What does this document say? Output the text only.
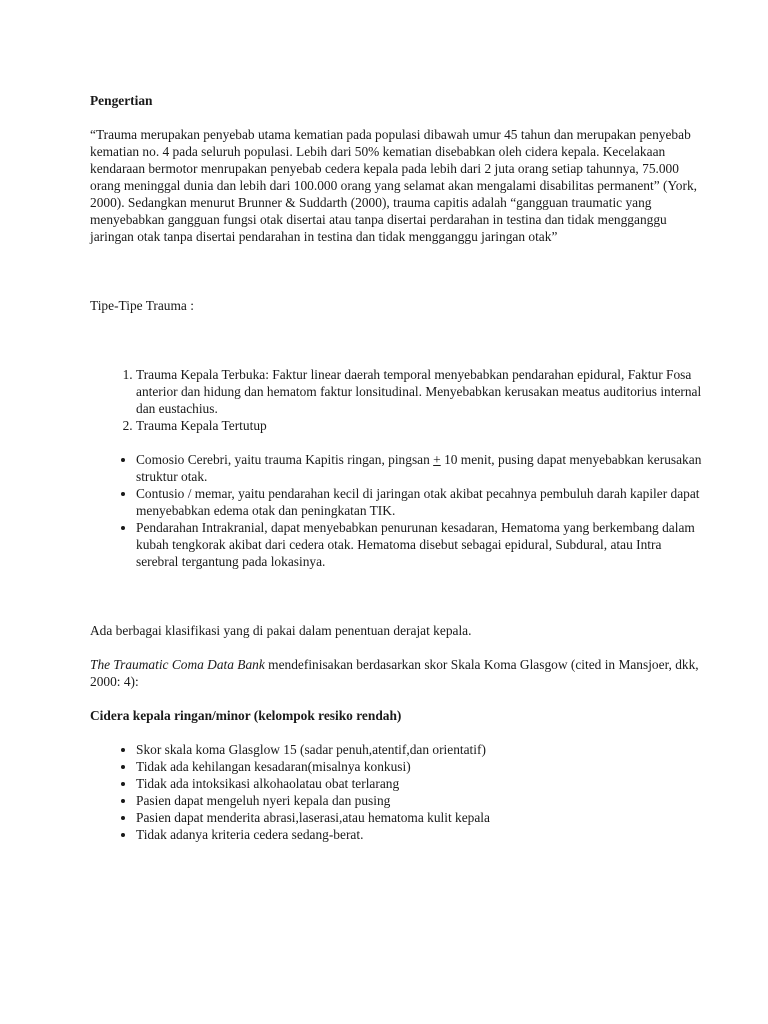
Pengertian

“Trauma merupakan penyebab utama kematian pada populasi dibawah umur 45 tahun dan merupakan penyebab kematian no. 4 pada seluruh populasi. Lebih dari 50% kematian disebabkan oleh cidera kepala. Kecelakaan kendaraan bermotor menrupakan penyebab cedera kepala pada lebih dari 2 juta orang setiap tahunnya, 75.000 orang meninggal dunia dan lebih dari 100.000 orang yang selamat akan mengalami disabilitas permanent” (York, 2000). Sedangkan menurut Brunner & Suddarth (2000), trauma capitis adalah “gangguan traumatic yang menyebabkan gangguan fungsi otak disertai atau tanpa disertai perdarahan in testina dan tidak mengganggu jaringan otak tanpa disertai pendarahan in testina dan tidak mengganggu jaringan otak”

Tipe-Tipe Trauma :

1. Trauma Kepala Terbuka: Faktur linear daerah temporal menyebabkan pendarahan epidural, Faktur Fosa anterior dan hidung dan hematom faktur lonsitudinal. Menyebabkan kerusakan meatus auditorius internal dan eustachius.
2. Trauma Kepala Tertutup
• Comosio Cerebri, yaitu trauma Kapitis ringan, pingsan + 10 menit, pusing dapat menyebabkan kerusakan struktur otak.
• Contusio / memar, yaitu pendarahan kecil di jaringan otak akibat pecahnya pembuluh darah kapiler dapat menyebabkan edema otak dan peningkatan TIK.
• Pendarahan Intrakranial, dapat menyebabkan penurunan kesadaran, Hematoma yang berkembang dalam kubah tengkorak akibat dari cedera otak. Hematoma disebut sebagai epidural, Subdural, atau Intra serebral tergantung pada lokasinya.

Ada berbagai klasifikasi yang di pakai dalam penentuan derajat kepala.

The Traumatic Coma Data Bank mendefinisakan berdasarkan skor Skala Koma Glasgow (cited in Mansjoer, dkk, 2000: 4):

Cidera kepala ringan/minor (kelompok resiko rendah)

• Skor skala koma Glasglow 15 (sadar penuh,atentif,dan orientatif)
• Tidak ada kehilangan kesadaran(misalnya konkusi)
• Tidak ada intoksikasi alkohaolatau obat terlarang
• Pasien dapat mengeluh nyeri kepala dan pusing
• Pasien dapat menderita abrasi,laserasi,atau hematoma kulit kepala
• Tidak adanya kriteria cedera sedang-berat.
